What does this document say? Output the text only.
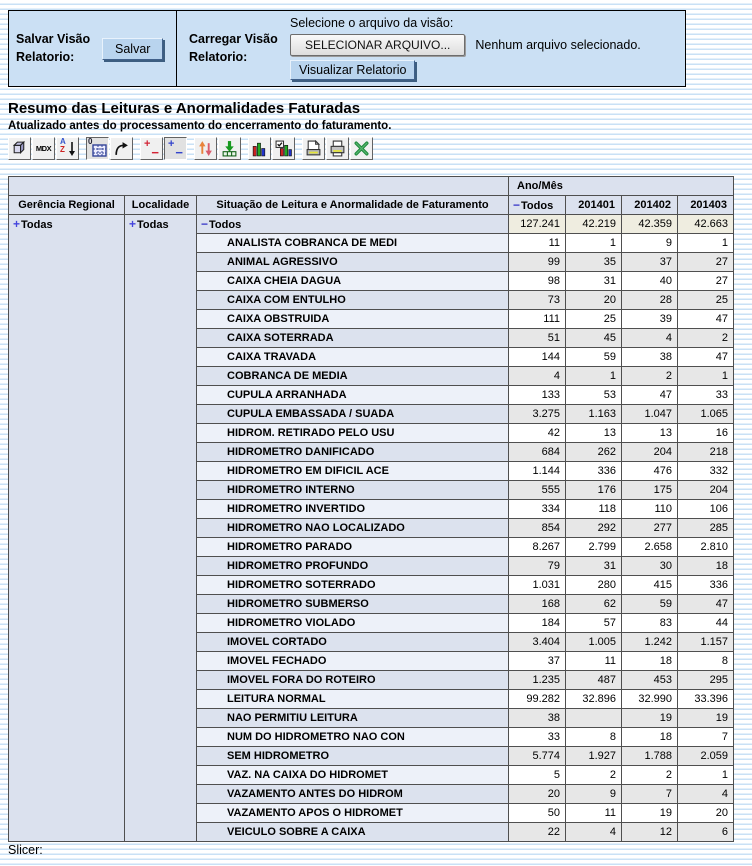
Salvar Visão Relatorio:
Salvar
Carregar Visão Relatorio:
Selecione o arquivo da visão:
SELECIONAR ARQUIVO...	Nenhum arquivo selecionado.
Visualizar Relatorio
Resumo das Leituras e Anormalidades Faturadas
Atualizado antes do processamento do encerramento do faturamento.
MDX
A
Z
0	+
−
+
−
			Ano/Mês			
Gerência Regional	Localidade	Situação de Leitura e Anormalidade de Faturamento	−Todos	201401	201402	201403
+Todas	+Todas	−Todos	127.241	42.219	42.359	42.663
		ANALISTA COBRANCA DE MEDI	11	1	9	1
		ANIMAL AGRESSIVO	99	35	37	27
		CAIXA CHEIA DAGUA	98	31	40	27
		CAIXA COM ENTULHO	73	20	28	25
		CAIXA OBSTRUIDA	111	25	39	47
		CAIXA SOTERRADA	51	45	4	2
		CAIXA TRAVADA	144	59	38	47
		COBRANCA DE MEDIA	4	1	2	1
		CUPULA ARRANHADA	133	53	47	33
		CUPULA EMBASSADA / SUADA	3.275	1.163	1.047	1.065
		HIDROM. RETIRADO PELO USU	42	13	13	16
		HIDROMETRO DANIFICADO	684	262	204	218
		HIDROMETRO EM DIFICIL ACE	1.144	336	476	332
		HIDROMETRO INTERNO	555	176	175	204
		HIDROMETRO INVERTIDO	334	118	110	106
		HIDROMETRO NAO LOCALIZADO	854	292	277	285
		HIDROMETRO PARADO	8.267	2.799	2.658	2.810
		HIDROMETRO PROFUNDO	79	31	30	18
		HIDROMETRO SOTERRADO	1.031	280	415	336
		HIDROMETRO SUBMERSO	168	62	59	47
		HIDROMETRO VIOLADO	184	57	83	44
		IMOVEL CORTADO	3.404	1.005	1.242	1.157
		IMOVEL FECHADO	37	11	18	8
		IMOVEL FORA DO ROTEIRO	1.235	487	453	295
		LEITURA NORMAL	99.282	32.896	32.990	33.396
		NAO PERMITIU LEITURA	38		19	19
		NUM DO HIDROMETRO NAO CON	33	8	18	7
		SEM HIDROMETRO	5.774	1.927	1.788	2.059
		VAZ. NA CAIXA DO HIDROMET	5	2	2	1
		VAZAMENTO ANTES DO HIDROM	20	9	7	4
		VAZAMENTO APOS O HIDROMET	50	11	19	20
		VEICULO SOBRE A CAIXA	22	4	12	6
Slicer:
